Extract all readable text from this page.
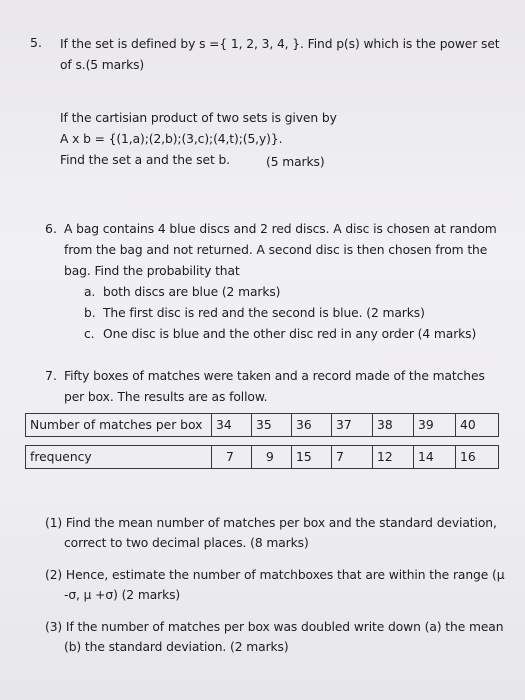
5. If the set is defined by s ={ 1, 2, 3, 4, }. Find p(s) which is the power set
of s.(5 marks)
If the cartisian product of two sets is given by
A x b = {(1,a);(2,b);(3,c);(4,t);(5,y)}.
Find the set a and the set b.	(5 marks)
6. A bag contains 4 blue discs and 2 red discs. A disc is chosen at random
from the bag and not returned. A second disc is then chosen from the
bag. Find the probability that
a. both discs are blue (2 marks)
b. The first disc is red and the second is blue. (2 marks)
c. One disc is blue and the other disc red in any order (4 marks)
7. Fifty boxes of matches were taken and a record made of the matches
per box. The results are as follow.
Number of matches per box	34	35	36	37	38	39	40

frequency	7	9	15	7	12	14	16
(1) Find the mean number of matches per box and the standard deviation,
correct to two decimal places. (8 marks)
(2) Hence, estimate the number of matchboxes that are within the range (μ
-σ, μ +σ) (2 marks)
(3) If the number of matches per box was doubled write down (a) the mean
(b) the standard deviation. (2 marks)
